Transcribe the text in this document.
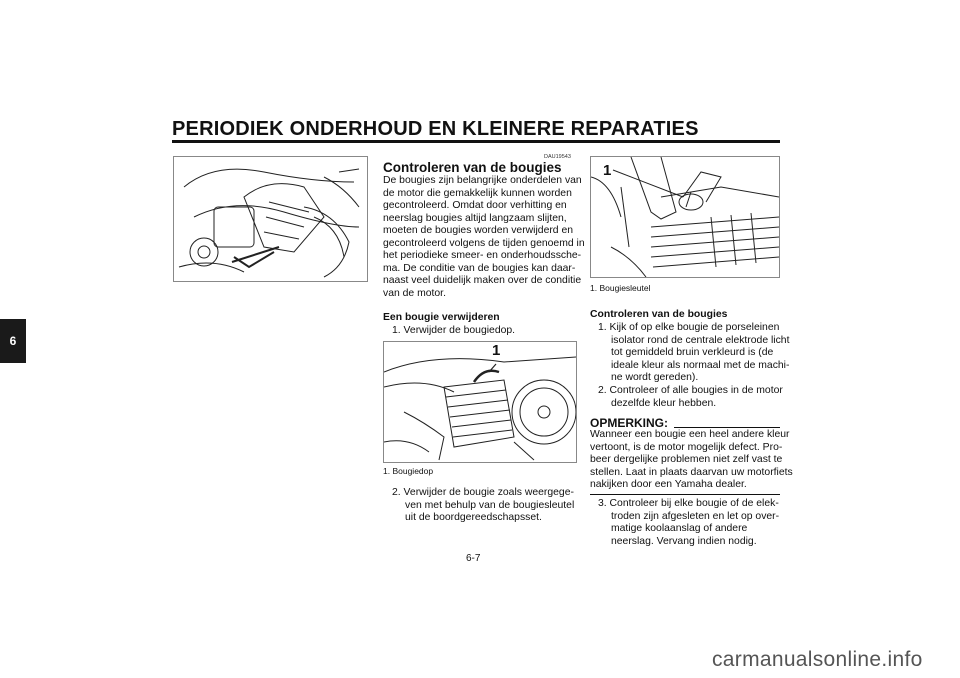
PERIODIEK ONDERHOUD EN KLEINERE REPARATIES
6
DAU19543
Controleren van de bougies
De bougies zijn belangrijke onderdelen van
de motor die gemakkelijk kunnen worden
gecontroleerd. Omdat door verhitting en
neerslag bougies altijd langzaam slijten,
moeten de bougies worden verwijderd en
gecontroleerd volgens de tijden genoemd in
het periodieke smeer- en onderhoudssche-
ma. De conditie van de bougies kan daar-
naast veel duidelijk maken over de conditie
van de motor.
Een bougie verwijderen
1. Verwijder de bougiedop.
1
1. Bougiedop
2. Verwijder de bougie zoals weergege-
ven met behulp van de bougiesleutel
uit de boordgereedschapsset.
1
1. Bougiesleutel
Controleren van de bougies
1. Kijk of op elke bougie de porseleinen
isolator rond de centrale elektrode licht
tot gemiddeld bruin verkleurd is (de
ideale kleur als normaal met de machi-
ne wordt gereden).
2. Controleer of alle bougies in de motor
dezelfde kleur hebben.
OPMERKING:
Wanneer een bougie een heel andere kleur
vertoont, is de motor mogelijk defect. Pro-
beer dergelijke problemen niet zelf vast te
stellen. Laat in plaats daarvan uw motorfiets
nakijken door een Yamaha dealer.
3. Controleer bij elke bougie of de elek-
troden zijn afgesleten en let op over-
matige koolaanslag of andere
neerslag. Vervang indien nodig.
6-7
carmanualsonline.info
